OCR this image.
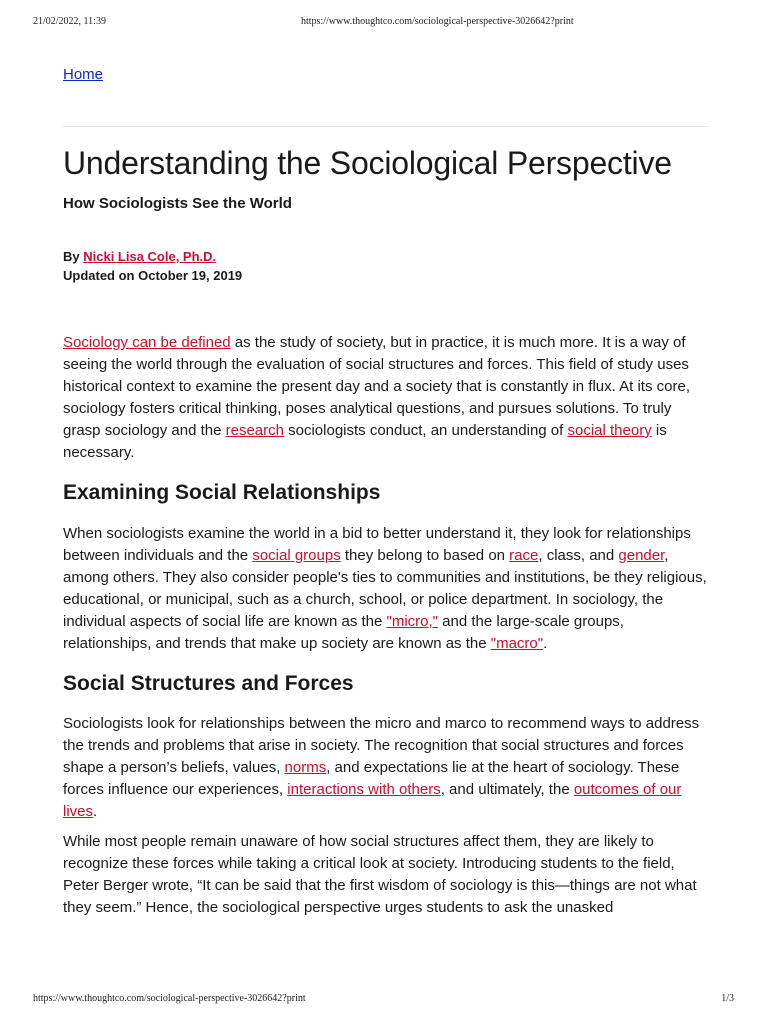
21/02/2022, 11:39	https://www.thoughtco.com/sociological-perspective-3026642?print
Home
Understanding the Sociological Perspective
How Sociologists See the World
By Nicki Lisa Cole, Ph.D.
Updated on October 19, 2019

Sociology can be defined as the study of society, but in practice, it is much more. It is a way of seeing the world through the evaluation of social structures and forces. This field of study uses historical context to examine the present day and a society that is constantly in flux. At its core, sociology fosters critical thinking, poses analytical questions, and pursues solutions. To truly grasp sociology and the research sociologists conduct, an understanding of social theory is necessary.

Examining Social Relationships

When sociologists examine the world in a bid to better understand it, they look for relationships between individuals and the social groups they belong to based on race, class, and gender, among others. They also consider people's ties to communities and institutions, be they religious, educational, or municipal, such as a church, school, or police department. In sociology, the individual aspects of social life are known as the "micro," and the large-scale groups, relationships, and trends that make up society are known as the "macro".

Social Structures and Forces

Sociologists look for relationships between the micro and marco to recommend ways to address the trends and problems that arise in society. The recognition that social structures and forces shape a person’s beliefs, values, norms, and expectations lie at the heart of sociology. These forces influence our experiences, interactions with others, and ultimately, the outcomes of our lives.

While most people remain unaware of how social structures affect them, they are likely to recognize these forces while taking a critical look at society. Introducing students to the field, Peter Berger wrote, “It can be said that the first wisdom of sociology is this—things are not what they seem.” Hence, the sociological perspective urges students to ask the unasked

https://www.thoughtco.com/sociological-perspective-3026642?print	1/3
